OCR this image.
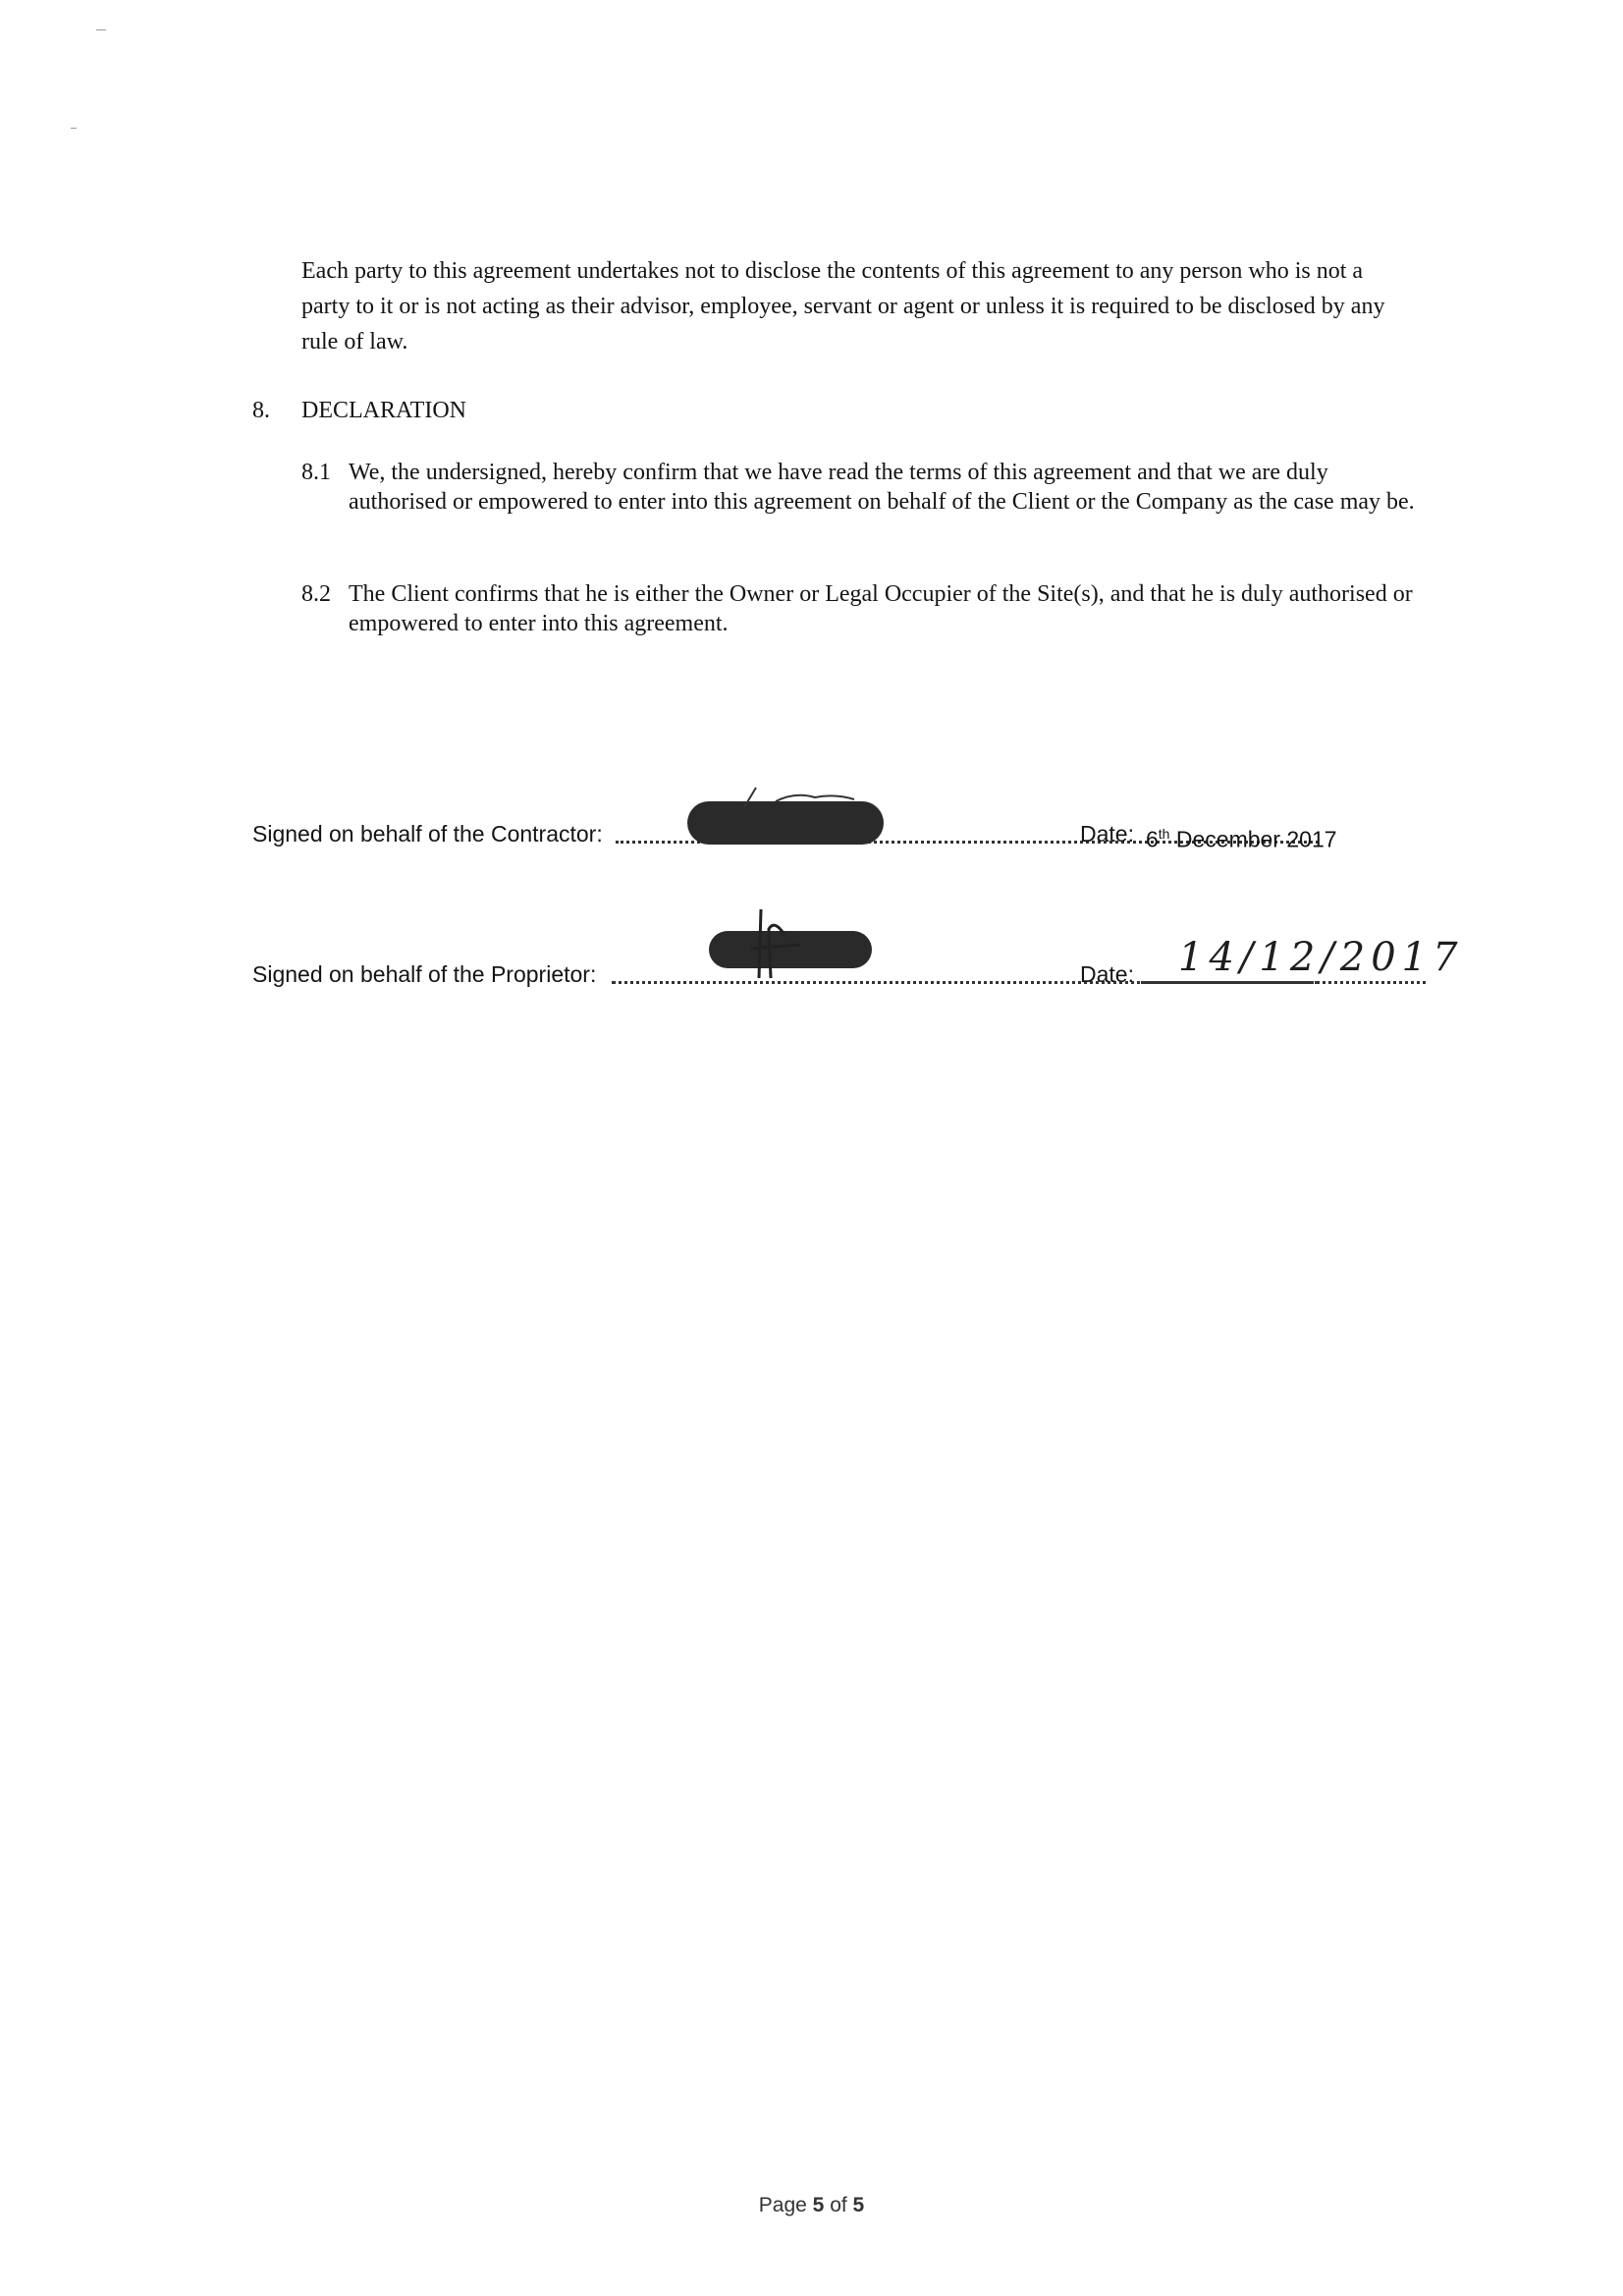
Each party to this agreement undertakes not to disclose the contents of this agreement to any person who is not a party to it or is not acting as their advisor, employee, servant or agent or unless it is required to be disclosed by any rule of law.
8. DECLARATION
8.1 We, the undersigned, hereby confirm that we have read the terms of this agreement and that we are duly authorised or empowered to enter into this agreement on behalf of the Client or the Company as the case may be.
8.2 The Client confirms that he is either the Owner or Legal Occupier of the Site(s), and that he is duly authorised or empowered to enter into this agreement.
Signed on behalf of the Contractor:	Date: 6th December 2017
Signed on behalf of the Proprietor:	Date: 14/12/2017
Page 5 of 5
